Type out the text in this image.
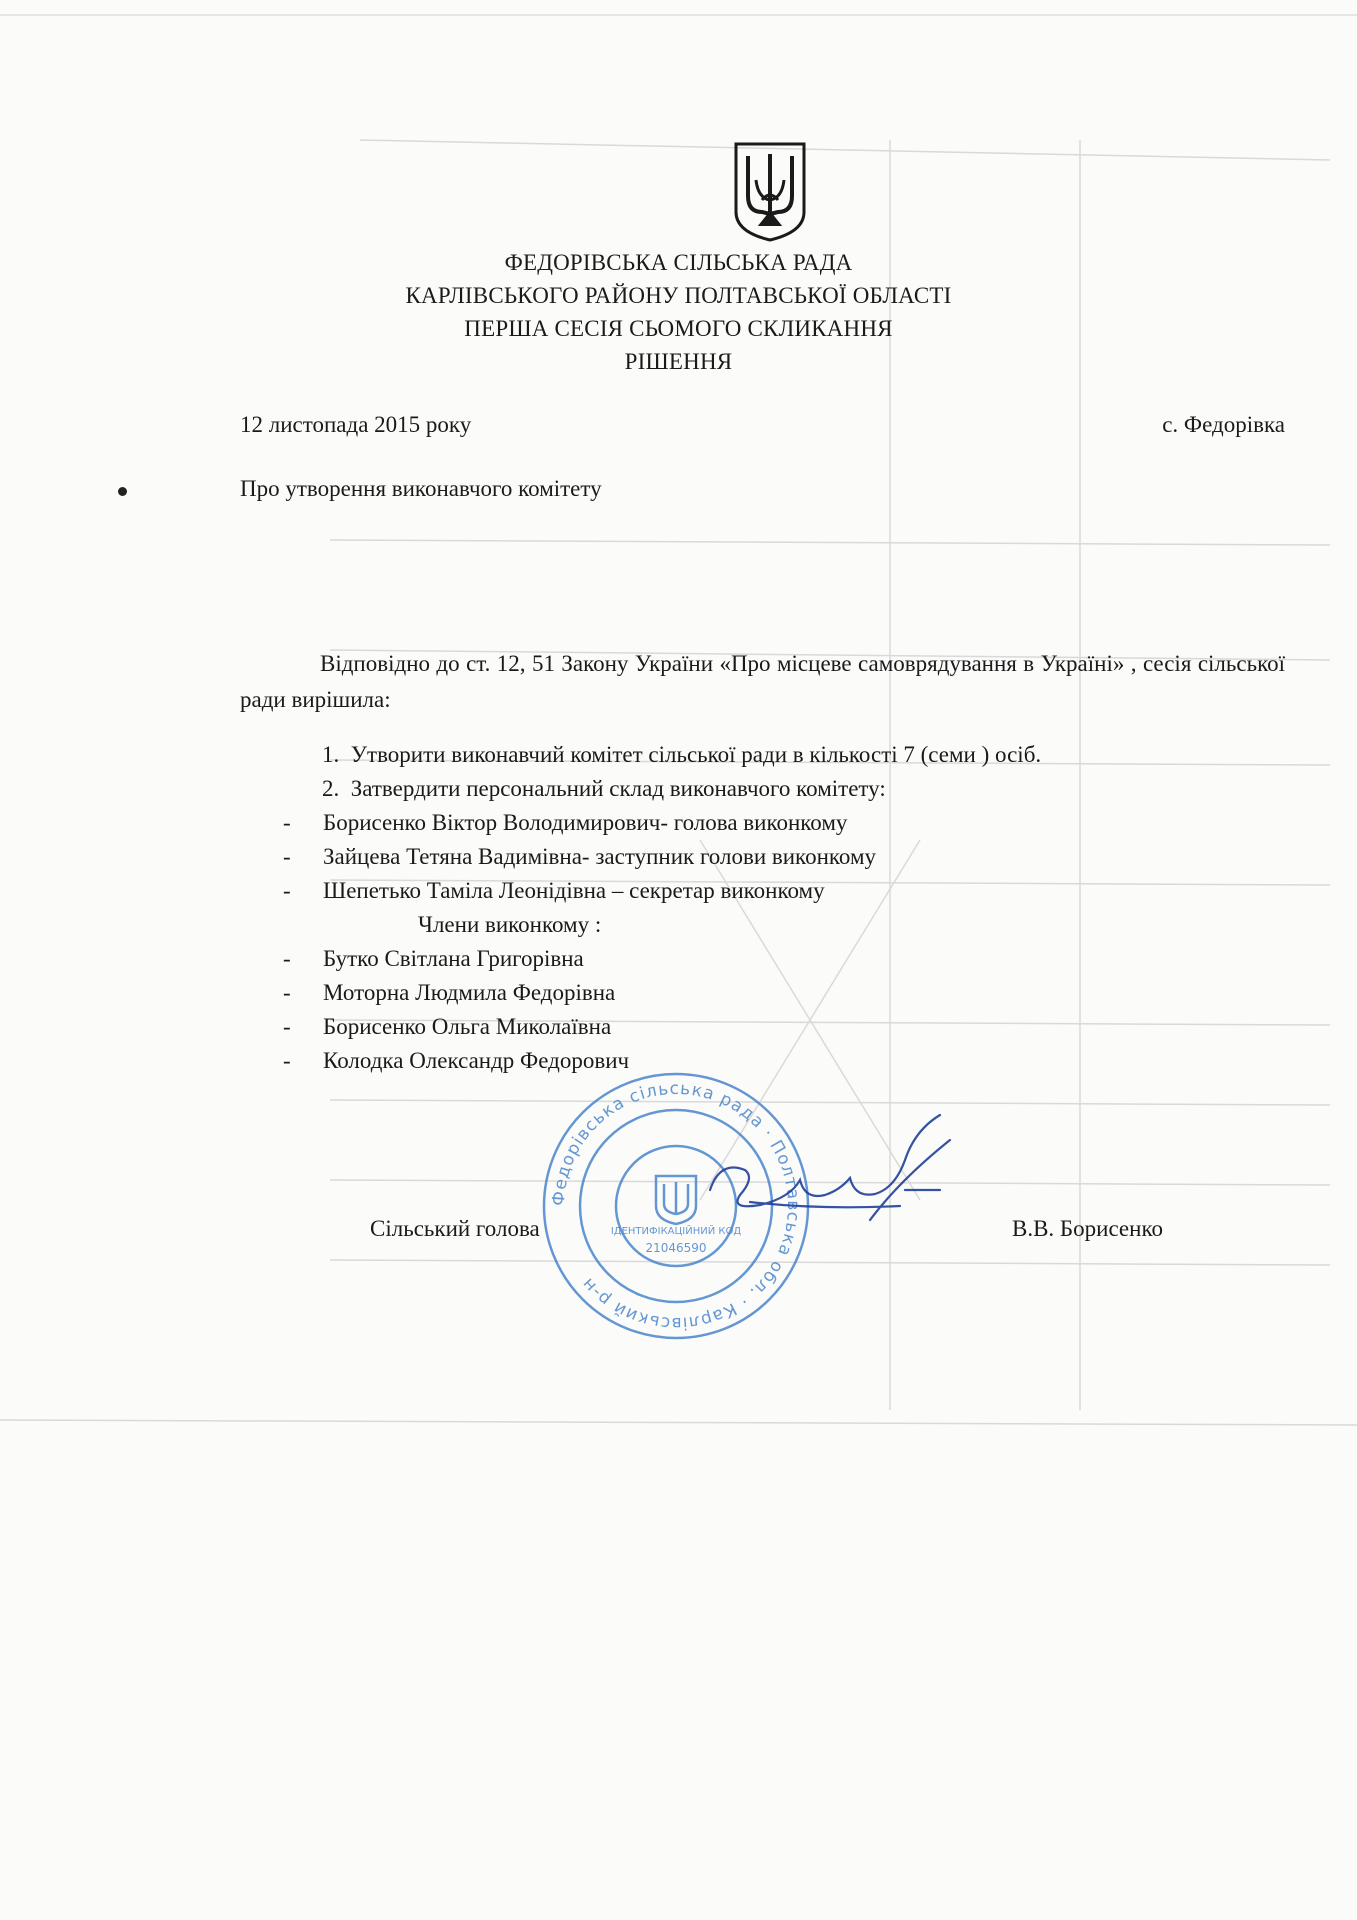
ФЕДОРІВСЬКА СІЛЬСЬКА РАДА
КАРЛІВСЬКОГО РАЙОНУ ПОЛТАВСЬКОЇ ОБЛАСТІ
ПЕРША СЕСІЯ СЬОМОГО СКЛИКАННЯ
РІШЕННЯ
12 листопада 2015 року	с. Федорівка
Про утворення виконавчого комітету
Відповідно до ст. 12, 51 Закону України «Про місцеве самоврядування в Україні» , сесія сільської ради вирішила:
1. Утворити виконавчий комітет сільської ради в кількості 7 (семи ) осіб.
2. Затвердити персональний склад виконавчого комітету:
- Борисенко Віктор Володимирович- голова виконкому
- Зайцева Тетяна Вадимівна- заступник голови виконкому
- Шепетько Таміла Леонідівна – секретар виконкому
Члени виконкому :
- Бутко Світлана Григорівна
- Моторна Людмила Федорівна
- Борисенко Ольга Миколаївна
- Колодка Олександр Федорович
Федорівська сільська рада · Полтавська обл. · Карлівський р-н
ІДЕНТИФІКАЦІЙНИЙ КОД
21046590
Сільський голова	В.В. Борисенко
